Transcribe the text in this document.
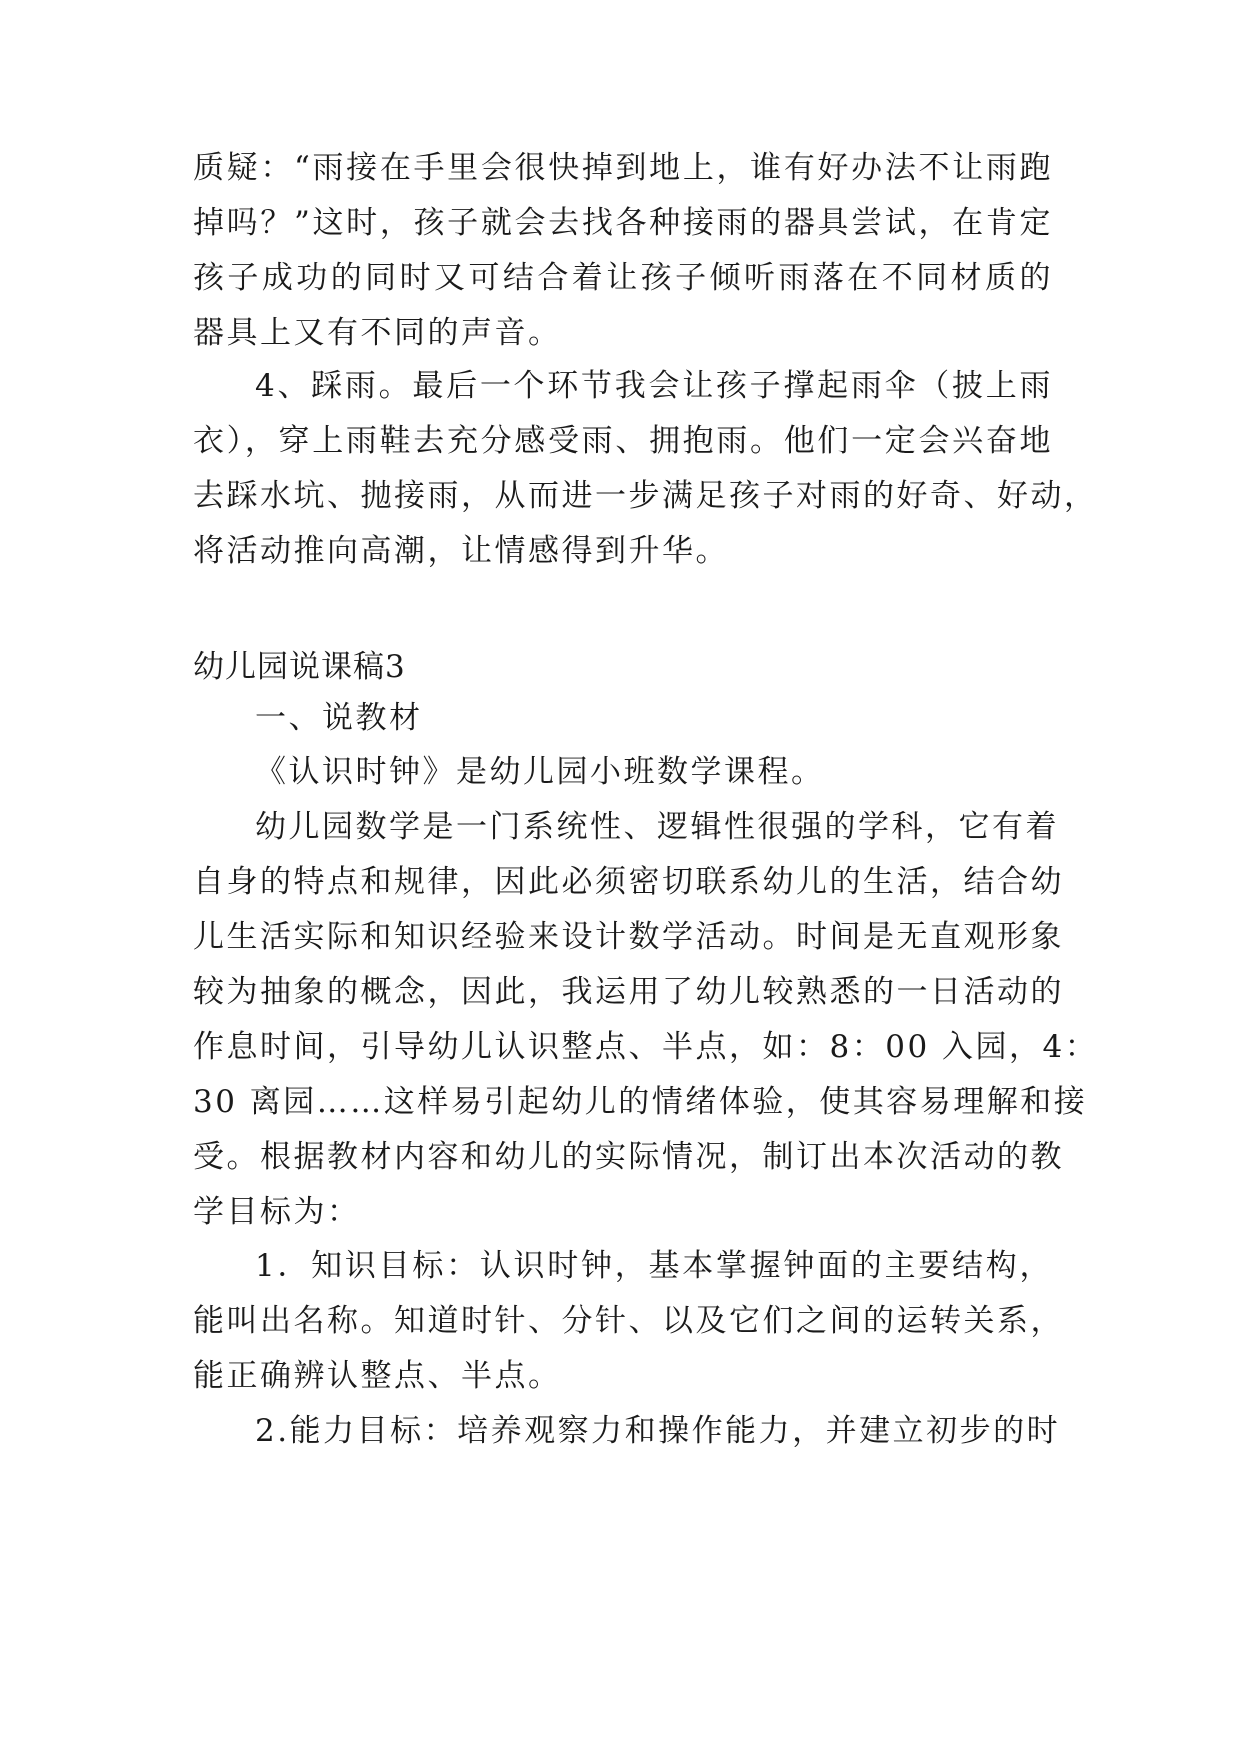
质疑：“雨接在手里会很快掉到地上，谁有好办法不让雨跑
掉吗？”这时，孩子就会去找各种接雨的器具尝试，在肯定
孩子成功的同时又可结合着让孩子倾听雨落在不同材质的
器具上又有不同的声音。
4、踩雨。最后一个环节我会让孩子撑起雨伞（披上雨
衣），穿上雨鞋去充分感受雨、拥抱雨。他们一定会兴奋地
去踩水坑、抛接雨，从而进一步满足孩子对雨的好奇、好动，
将活动推向高潮，让情感得到升华。
幼儿园说课稿3
一、说教材
《认识时钟》是幼儿园小班数学课程。
幼儿园数学是一门系统性、逻辑性很强的学科，它有着
自身的特点和规律，因此必须密切联系幼儿的生活，结合幼
儿生活实际和知识经验来设计数学活动。时间是无直观形象
较为抽象的概念，因此，我运用了幼儿较熟悉的一日活动的
作息时间，引导幼儿认识整点、半点，如：8：00 入园，4：
30 离园……这样易引起幼儿的情绪体验，使其容易理解和接
受。根据教材内容和幼儿的实际情况，制订出本次活动的教
学目标为：
1．知识目标：认识时钟，基本掌握钟面的主要结构，
能叫出名称。知道时针、分针、以及它们之间的运转关系，
能正确辨认整点、半点。
2.能力目标：培养观察力和操作能力，并建立初步的时
